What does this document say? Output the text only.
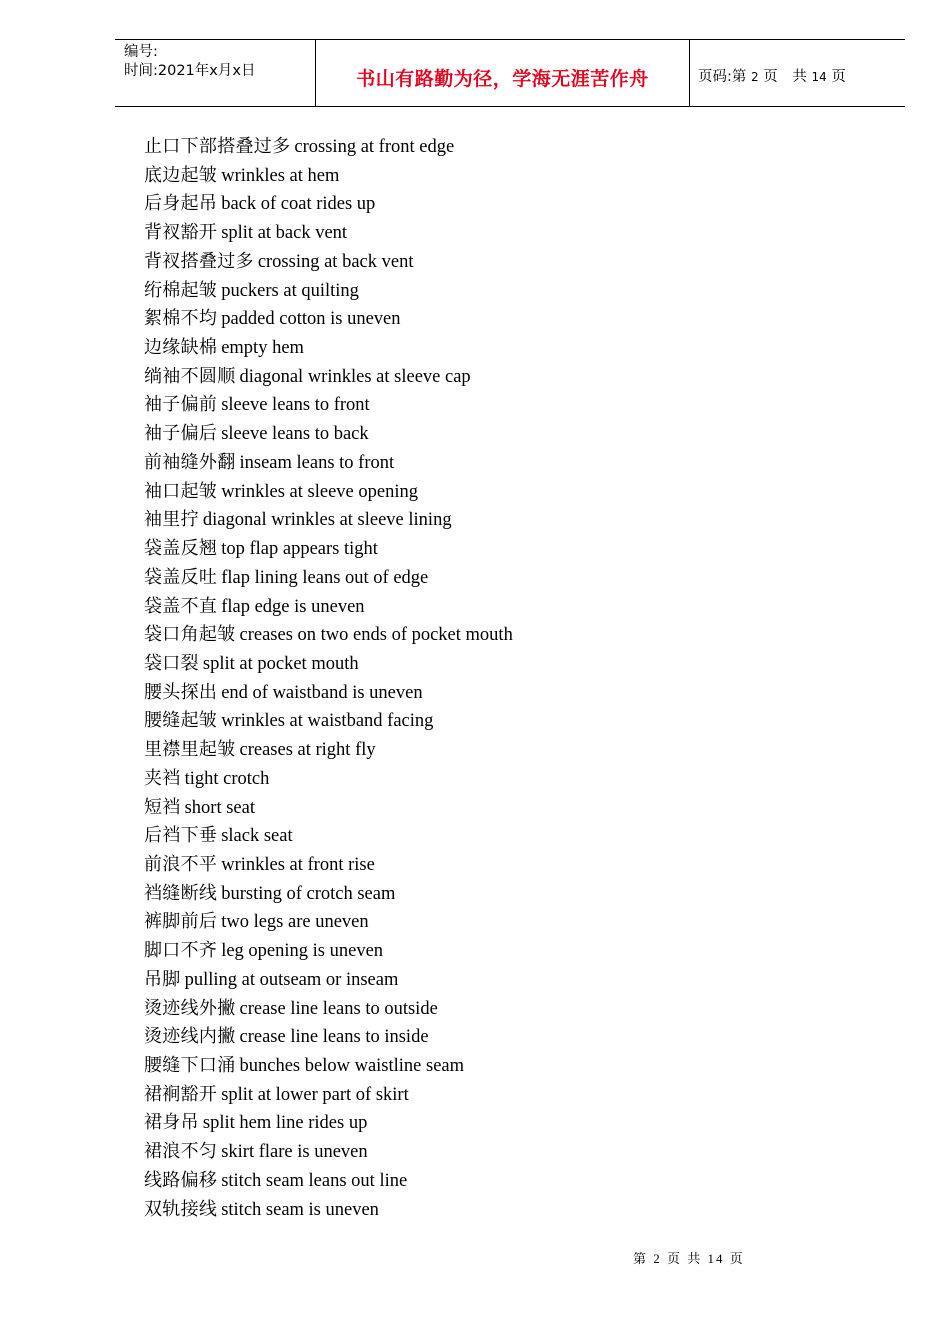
编号:
时间:2021年x月x日	书山有路勤为径，学海无涯苦作舟	页码:第 2 页 共 14 页
止口下部搭叠过多 crossing at front edge
底边起皱 wrinkles at hem
后身起吊 back of coat rides up
背衩豁开 split at back vent
背衩搭叠过多 crossing at back vent
绗棉起皱 puckers at quilting
絮棉不均 padded cotton is uneven
边缘缺棉 empty hem
绱袖不圆顺 diagonal wrinkles at sleeve cap
袖子偏前 sleeve leans to front
袖子偏后 sleeve leans to back
前袖缝外翻 inseam leans to front
袖口起皱 wrinkles at sleeve opening
袖里拧 diagonal wrinkles at sleeve lining
袋盖反翘 top flap appears tight
袋盖反吐 flap lining leans out of edge
袋盖不直 flap edge is uneven
袋口角起皱 creases on two ends of pocket mouth
袋口裂 split at pocket mouth
腰头探出 end of waistband is uneven
腰缝起皱 wrinkles at waistband facing
里襟里起皱 creases at right fly
夹裆 tight crotch
短裆 short seat
后裆下垂 slack seat
前浪不平 wrinkles at front rise
裆缝断线 bursting of crotch seam
裤脚前后 two legs are uneven
脚口不齐 leg opening is uneven
吊脚 pulling at outseam or inseam
烫迹线外撇 crease line leans to outside
烫迹线内撇 crease line leans to inside
腰缝下口涌 bunches below waistline seam
裙裥豁开 split at lower part of skirt
裙身吊 split hem line rides up
裙浪不匀 skirt flare is uneven
线路偏移 stitch seam leans out line
双轨接线 stitch seam is uneven
第 2 页 共 14 页
